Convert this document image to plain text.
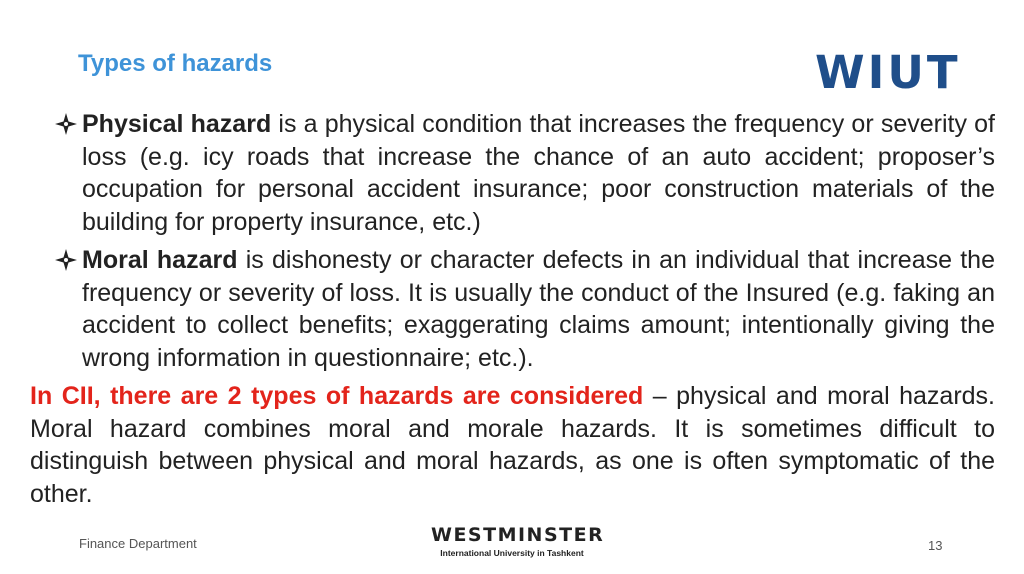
Types of hazards	WIUT
Physical hazard is a physical condition that increases the frequency or severity of loss (e.g. icy roads that increase the chance of an auto accident; proposer’s occupation for personal accident insurance; poor construction materials of the building for property insurance, etc.)
Moral hazard is dishonesty or character defects in an individual that increase the frequency or severity of loss. It is usually the conduct of the Insured (e.g. faking an accident to collect benefits; exaggerating claims amount; intentionally giving the wrong information in questionnaire; etc.).
In CII, there are 2 types of hazards are considered – physical and moral hazards. Moral hazard combines moral and morale hazards. It is sometimes difficult to distinguish between physical and moral hazards, as one is often symptomatic of the other.
Finance Department	WESTMINSTER
International University in Tashkent	13
